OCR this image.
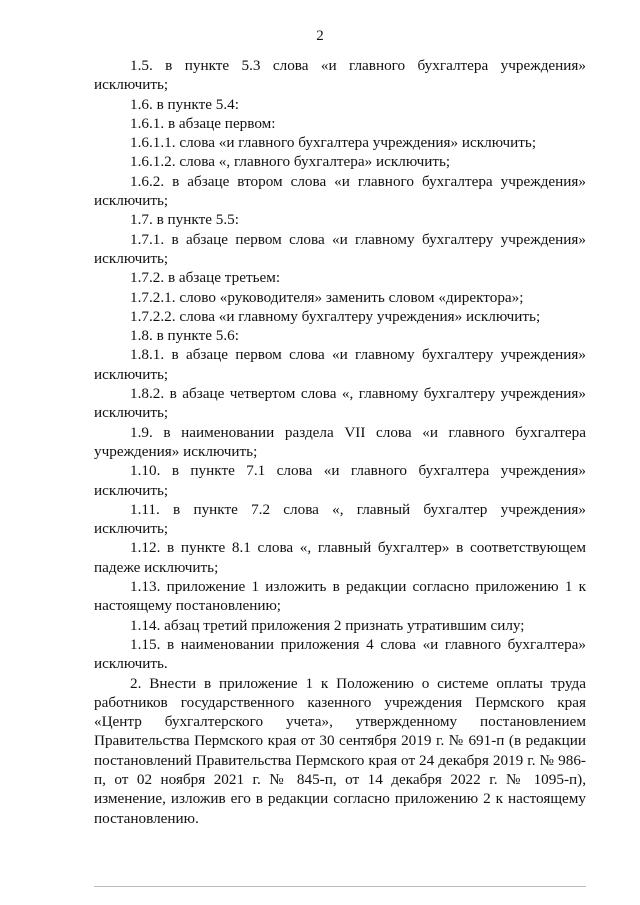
2

1.5. в пункте 5.3 слова «и главного бухгалтера учреждения» исключить;

1.6. в пункте 5.4:

1.6.1. в абзаце первом:

1.6.1.1. слова «и главного бухгалтера учреждения» исключить;

1.6.1.2. слова «, главного бухгалтера» исключить;

1.6.2. в абзаце втором слова «и главного бухгалтера учреждения» исключить;

1.7. в пункте 5.5:

1.7.1. в абзаце первом слова «и главному бухгалтеру учреждения» исключить;

1.7.2. в абзаце третьем:

1.7.2.1. слово «руководителя» заменить словом «директора»;

1.7.2.2. слова «и главному бухгалтеру учреждения» исключить;

1.8. в пункте 5.6:

1.8.1. в абзаце первом слова «и главному бухгалтеру учреждения» исключить;

1.8.2. в абзаце четвертом слова «, главному бухгалтеру учреждения» исключить;

1.9. в наименовании раздела VII слова «и главного бухгалтера учреждения» исключить;

1.10. в пункте 7.1 слова «и главного бухгалтера учреждения» исключить;

1.11. в пункте 7.2 слова «, главный бухгалтер учреждения» исключить;

1.12. в пункте 8.1 слова «, главный бухгалтер» в соответствующем падеже исключить;

1.13. приложение 1 изложить в редакции согласно приложению 1 к настоящему постановлению;

1.14. абзац третий приложения 2 признать утратившим силу;

1.15. в наименовании приложения 4 слова «и главного бухгалтера» исключить.

2. Внести в приложение 1 к Положению о системе оплаты труда работников государственного казенного учреждения Пермского края «Центр бухгалтерского учета», утвержденному постановлением Правительства Пермского края от 30 сентября 2019 г. № 691-п (в редакции постановлений Правительства Пермского края от 24 декабря 2019 г. № 986-п, от 02 ноября 2021 г. № 845-п, от 14 декабря 2022 г. № 1095-п), изменение, изложив его в редакции согласно приложению 2 к настоящему постановлению.
